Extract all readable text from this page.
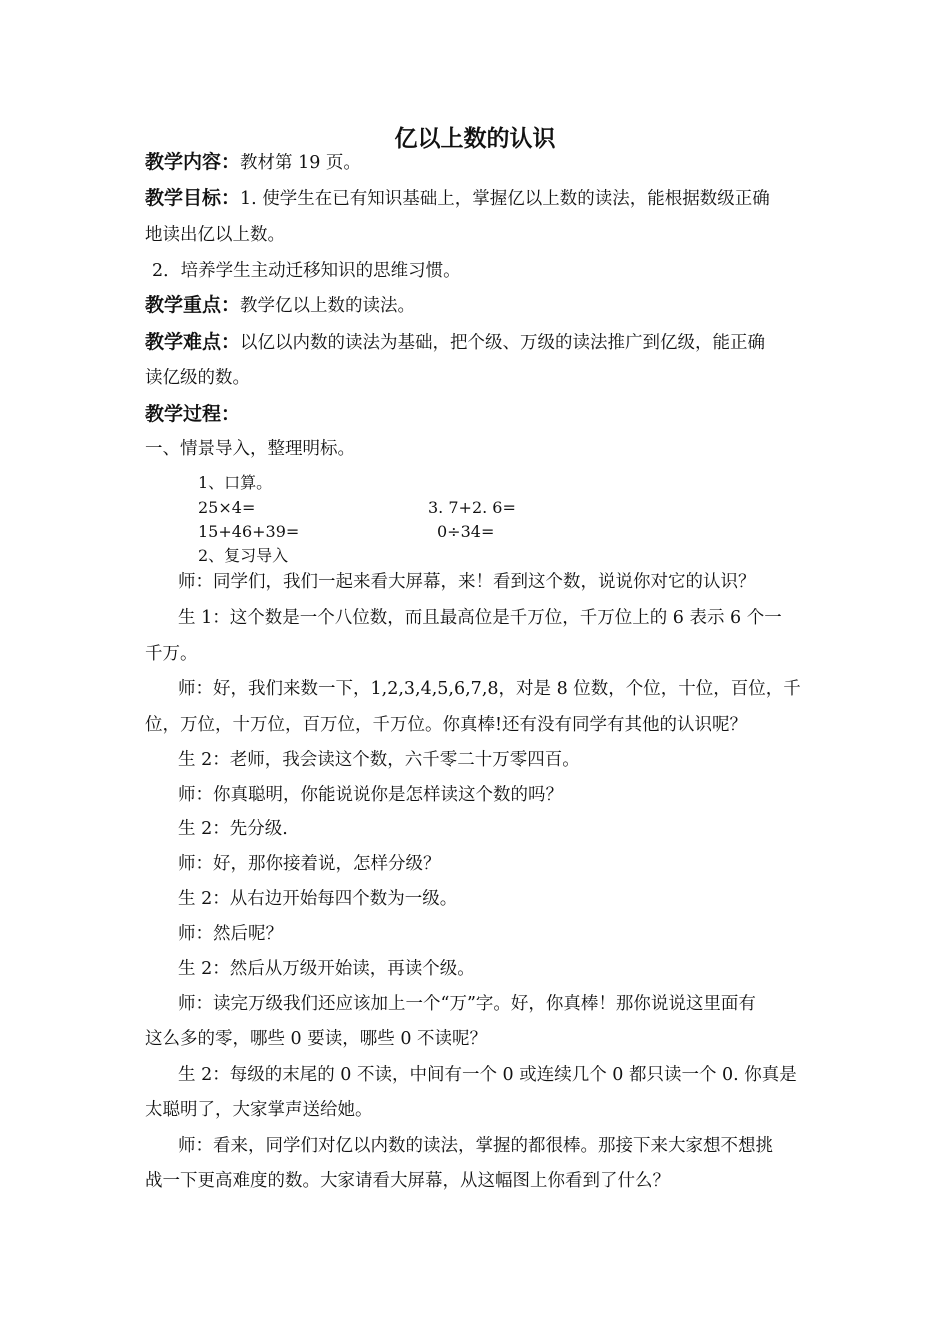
亿以上数的认识
教学内容：教材第 19 页。
教学目标：1. 使学生在已有知识基础上，掌握亿以上数的读法，能根据数级正确
地读出亿以上数。
2．培养学生主动迁移知识的思维习惯。
教学重点：教学亿以上数的读法。
教学难点：以亿以内数的读法为基础，把个级、万级的读法推广到亿级，能正确
读亿级的数。
教学过程：
一、情景导入，整理明标。
1、口算。
25×4=	3. 7+2. 6=
15+46+39=	0÷34=
2、复习导入
师：同学们，我们一起来看大屏幕，来！看到这个数，说说你对它的认识？
生 1：这个数是一个八位数，而且最高位是千万位，千万位上的 6 表示 6 个一
千万。
师：好，我们来数一下，1,2,3,4,5,6,7,8，对是 8 位数，个位，十位，百位，千
位，万位，十万位，百万位，千万位。你真棒!还有没有同学有其他的认识呢？
生 2：老师，我会读这个数，六千零二十万零四百。
师：你真聪明，你能说说你是怎样读这个数的吗？
生 2：先分级.
师：好，那你接着说，怎样分级？
生 2：从右边开始每四个数为一级。
师：然后呢？
生 2：然后从万级开始读，再读个级。
师：读完万级我们还应该加上一个“万”字。好，你真棒！那你说说这里面有
这么多的零，哪些 0 要读，哪些 0 不读呢？
生 2：每级的末尾的 0 不读，中间有一个 0 或连续几个 0 都只读一个 0. 你真是
太聪明了，大家掌声送给她。
师：看来，同学们对亿以内数的读法，掌握的都很棒。那接下来大家想不想挑
战一下更高难度的数。大家请看大屏幕，从这幅图上你看到了什么？
